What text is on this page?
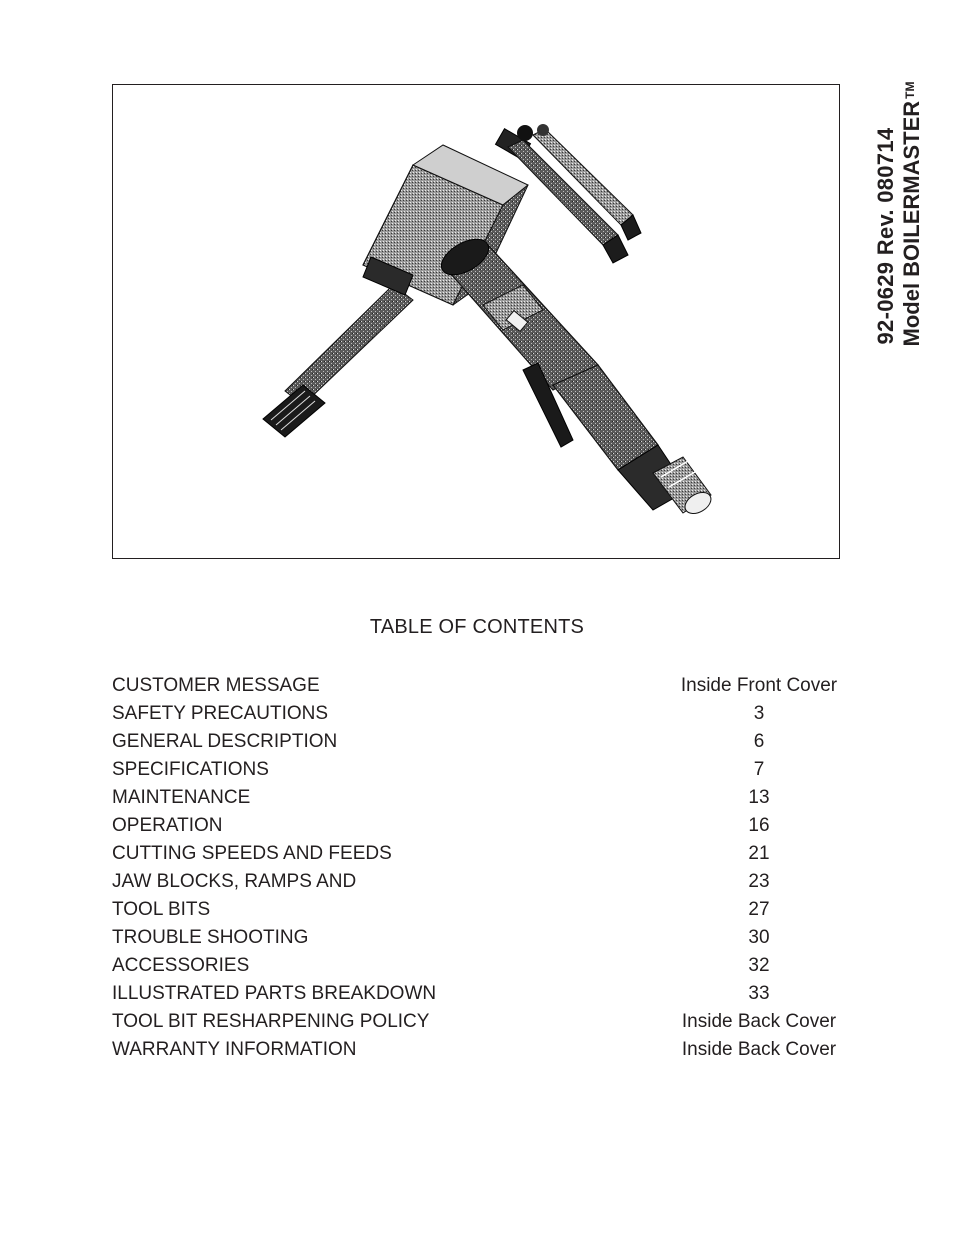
92-0629 Rev. 080714 Model BOILERMASTER™
TABLE OF CONTENTS
CUSTOMER MESSAGE	Inside Front Cover
SAFETY PRECAUTIONS	3
GENERAL DESCRIPTION	6
SPECIFICATIONS	7
MAINTENANCE	13
OPERATION	16
CUTTING SPEEDS AND FEEDS	21
JAW BLOCKS, RAMPS AND	23
TOOL BITS	27
TROUBLE SHOOTING	30
ACCESSORIES	32
ILLUSTRATED PARTS BREAKDOWN	33
TOOL BIT RESHARPENING POLICY	Inside Back Cover
WARRANTY INFORMATION	Inside Back Cover
